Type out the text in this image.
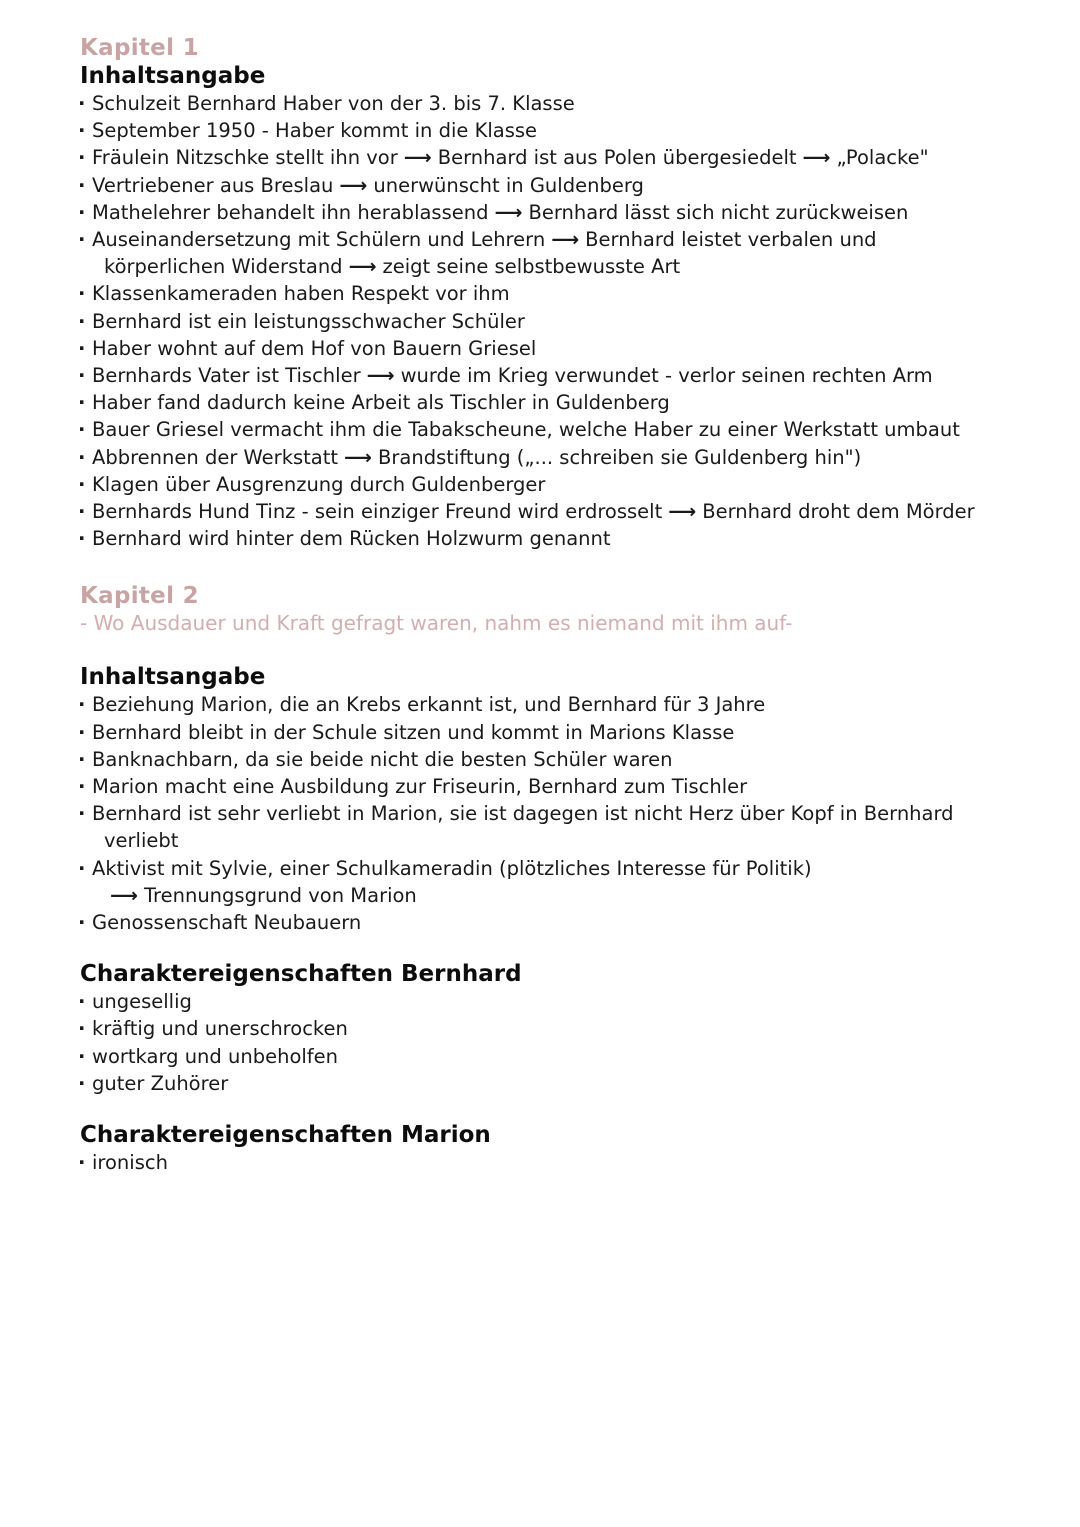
Kapitel 1
Inhaltsangabe
· Schulzeit Bernhard Haber von der 3. bis 7. Klasse
· September 1950 - Haber kommt in die Klasse
· Fräulein Nitzschke stellt ihn vor ⟶ Bernhard ist aus Polen übergesiedelt ⟶ „Polacke"
· Vertriebener aus Breslau ⟶ unerwünscht in Guldenberg
· Mathelehrer behandelt ihn herablassend ⟶ Bernhard lässt sich nicht zurückweisen
· Auseinandersetzung mit Schülern und Lehrern ⟶ Bernhard leistet verbalen und
körperlichen Widerstand ⟶ zeigt seine selbstbewusste Art
· Klassenkameraden haben Respekt vor ihm
· Bernhard ist ein leistungsschwacher Schüler
· Haber wohnt auf dem Hof von Bauern Griesel
· Bernhards Vater ist Tischler ⟶ wurde im Krieg verwundet - verlor seinen rechten Arm
· Haber fand dadurch keine Arbeit als Tischler in Guldenberg
· Bauer Griesel vermacht ihm die Tabakscheune, welche Haber zu einer Werkstatt umbaut
· Abbrennen der Werkstatt ⟶ Brandstiftung („... schreiben sie Guldenberg hin")
· Klagen über Ausgrenzung durch Guldenberger
· Bernhards Hund Tinz - sein einziger Freund wird erdrosselt ⟶ Bernhard droht dem Mörder
· Bernhard wird hinter dem Rücken Holzwurm genannt
Kapitel 2
- Wo Ausdauer und Kraft gefragt waren, nahm es niemand mit ihm auf-
Inhaltsangabe
· Beziehung Marion, die an Krebs erkannt ist, und Bernhard für 3 Jahre
· Bernhard bleibt in der Schule sitzen und kommt in Marions Klasse
· Banknachbarn, da sie beide nicht die besten Schüler waren
· Marion macht eine Ausbildung zur Friseurin, Bernhard zum Tischler
· Bernhard ist sehr verliebt in Marion, sie ist dagegen ist nicht Herz über Kopf in Bernhard
verliebt
· Aktivist mit Sylvie, einer Schulkameradin (plötzliches Interesse für Politik)
⟶ Trennungsgrund von Marion
· Genossenschaft Neubauern
Charaktereigenschaften Bernhard
· ungesellig
· kräftig und unerschrocken
· wortkarg und unbeholfen
· guter Zuhörer
Charaktereigenschaften Marion
· ironisch
